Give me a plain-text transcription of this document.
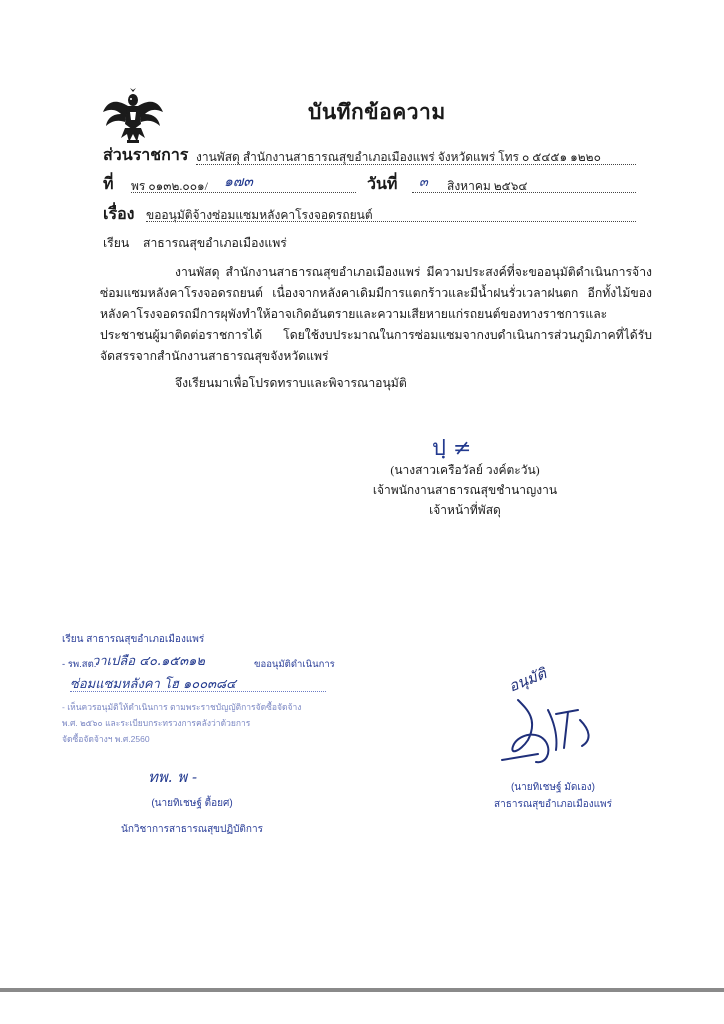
บันทึกข้อความ
ส่วนราชการ งานพัสดุ สำนักงานสาธารณสุขอำเภอเมืองแพร่ จังหวัดแพร่ โทร ๐ ๕๔๕๑ ๑๒๒๐
ที่ พร ๐๑๓๒.๐๐๑/ ๑๗๓	วันที่ ๓ สิงหาคม ๒๕๖๔
เรื่อง ขออนุมัติจ้างซ่อมแซมหลังคาโรงจอดรถยนต์
เรียน สาธารณสุขอำเภอเมืองแพร่
งานพัสดุ สำนักงานสาธารณสุขอำเภอเมืองแพร่ มีความประสงค์ที่จะขออนุมัติดำเนินการจ้างซ่อมแซมหลังคาโรงจอดรถยนต์ เนื่องจากหลังคาเดิมมีการแตกร้าวและมีน้ำฝนรั่วเวลาฝนตก อีกทั้งไม้ของหลังคาโรงจอดรถมีการผุพังทำให้อาจเกิดอันตรายและความเสียหายแก่รถยนต์ของทางราชการและประชาชนผู้มาติดต่อราชการได้ โดยใช้งบประมาณในการซ่อมแซมจากงบดำเนินการส่วนภูมิภาคที่ได้รับจัดสรรจากสำนักงานสาธารณสุขจังหวัดแพร่
จึงเรียนมาเพื่อโปรดทราบและพิจารณาอนุมัติ
ปฺ ≠
(นางสาวเครือวัลย์ วงค์ตะวัน)
เจ้าพนักงานสาธารณสุขชำนาญงาน
เจ้าหน้าที่พัสดุ
เรียน สาธารณสุขอำเภอเมืองแพร่
- รพ.สต.
วาเปลือ ๔๐.๑๕๓๑๒	ขออนุมัติดำเนินการ
ซ่อมแซมหลังคา โฮ ๑๐๐๓๘๔
- เห็นควรอนุมัติให้ดำเนินการ ตามพระราชบัญญัติการจัดซื้อจัดจ้าง
พ.ศ. ๒๕๖๐ และระเบียบกระทรวงการคลังว่าด้วยการ
จัดซื้อจัดจ้างฯ พ.ศ.2560
ทพ. พ -
(นายทิเชษฐ์ ตื้อยศ)
นักวิชาการสาธารณสุขปฏิบัติการ
อนุมัติ
(นายทิเชษฐ์ มัดเอง)
สาธารณสุขอำเภอเมืองแพร่
